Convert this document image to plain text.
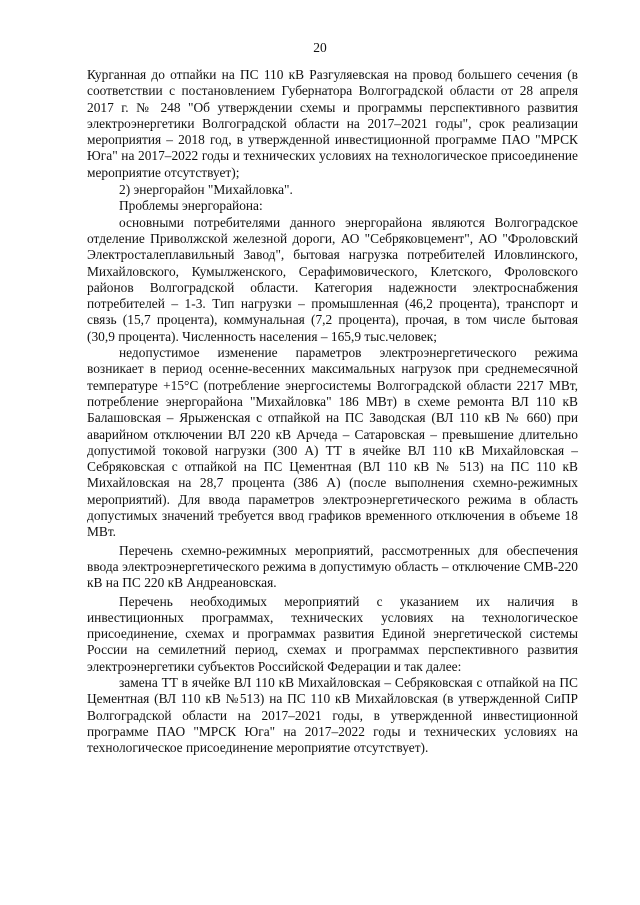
20

Курганная до отпайки на ПС 110 кВ Разгуляевская на провод большего сечения (в соответствии с постановлением Губернатора Волгоградской области от 28 апреля 2017 г. № 248 "Об утверждении схемы и программы перспективного развития электроэнергетики Волгоградской области на 2017–2021 годы", срок реализации мероприятия – 2018 год, в утвержденной инвестиционной программе ПАО "МРСК Юга" на 2017–2022 годы и технических условиях на технологическое присоединение мероприятие отсутствует);

2) энергорайон "Михайловка".

Проблемы энергорайона:

основными потребителями данного энергорайона являются Волгоградское отделение Приволжской железной дороги, АО "Себряковцемент", АО "Фроловский Электросталеплавильный Завод", бытовая нагрузка потребителей Иловлинского, Михайловского, Кумылженского, Серафимовического, Клетского, Фроловского районов Волгоградской области. Категория надежности электроснабжения потребителей – 1-3. Тип нагрузки – промышленная (46,2 процента), транспорт и связь (15,7 процента), коммунальная (7,2 процента), прочая, в том числе бытовая (30,9 процента). Численность населения – 165,9 тыс.человек;

недопустимое изменение параметров электроэнергетического режима возникает в период осенне-весенних максимальных нагрузок при среднемесячной температуре +15°С (потребление энергосистемы Волгоградской области 2217 МВт, потребление энергорайона "Михайловка" 186 МВт) в схеме ремонта ВЛ 110 кВ Балашовская – Ярыженская с отпайкой на ПС Заводская (ВЛ 110 кВ № 660) при аварийном отключении ВЛ 220 кВ Арчеда – Сатаровская – превышение длительно допустимой токовой нагрузки (300 А) ТТ в ячейке ВЛ 110 кВ Михайловская – Себряковская с отпайкой на ПС Цементная (ВЛ 110 кВ № 513) на ПС 110 кВ Михайловская на 28,7 процента (386 А) (после выполнения схемно-режимных мероприятий). Для ввода параметров электроэнергетического режима в область допустимых значений требуется ввод графиков временного отключения в объеме 18 МВт.

Перечень схемно-режимных мероприятий, рассмотренных для обеспечения ввода электроэнергетического режима в допустимую область – отключение СМВ-220 кВ на ПС 220 кВ Андреановская.

Перечень необходимых мероприятий с указанием их наличия в инвестиционных программах, технических условиях на технологическое присоединение, схемах и программах развития Единой энергетической системы России на семилетний период, схемах и программах перспективного развития электроэнергетики субъектов Российской Федерации и так далее:

замена ТТ в ячейке ВЛ 110 кВ Михайловская – Себряковская с отпайкой на ПС Цементная (ВЛ 110 кВ №513) на ПС 110 кВ Михайловская (в утвержденной СиПР Волгоградской области на 2017–2021 годы, в утвержденной инвестиционной программе ПАО "МРСК Юга" на 2017–2022 годы и технических условиях на технологическое присоединение мероприятие отсутствует).
